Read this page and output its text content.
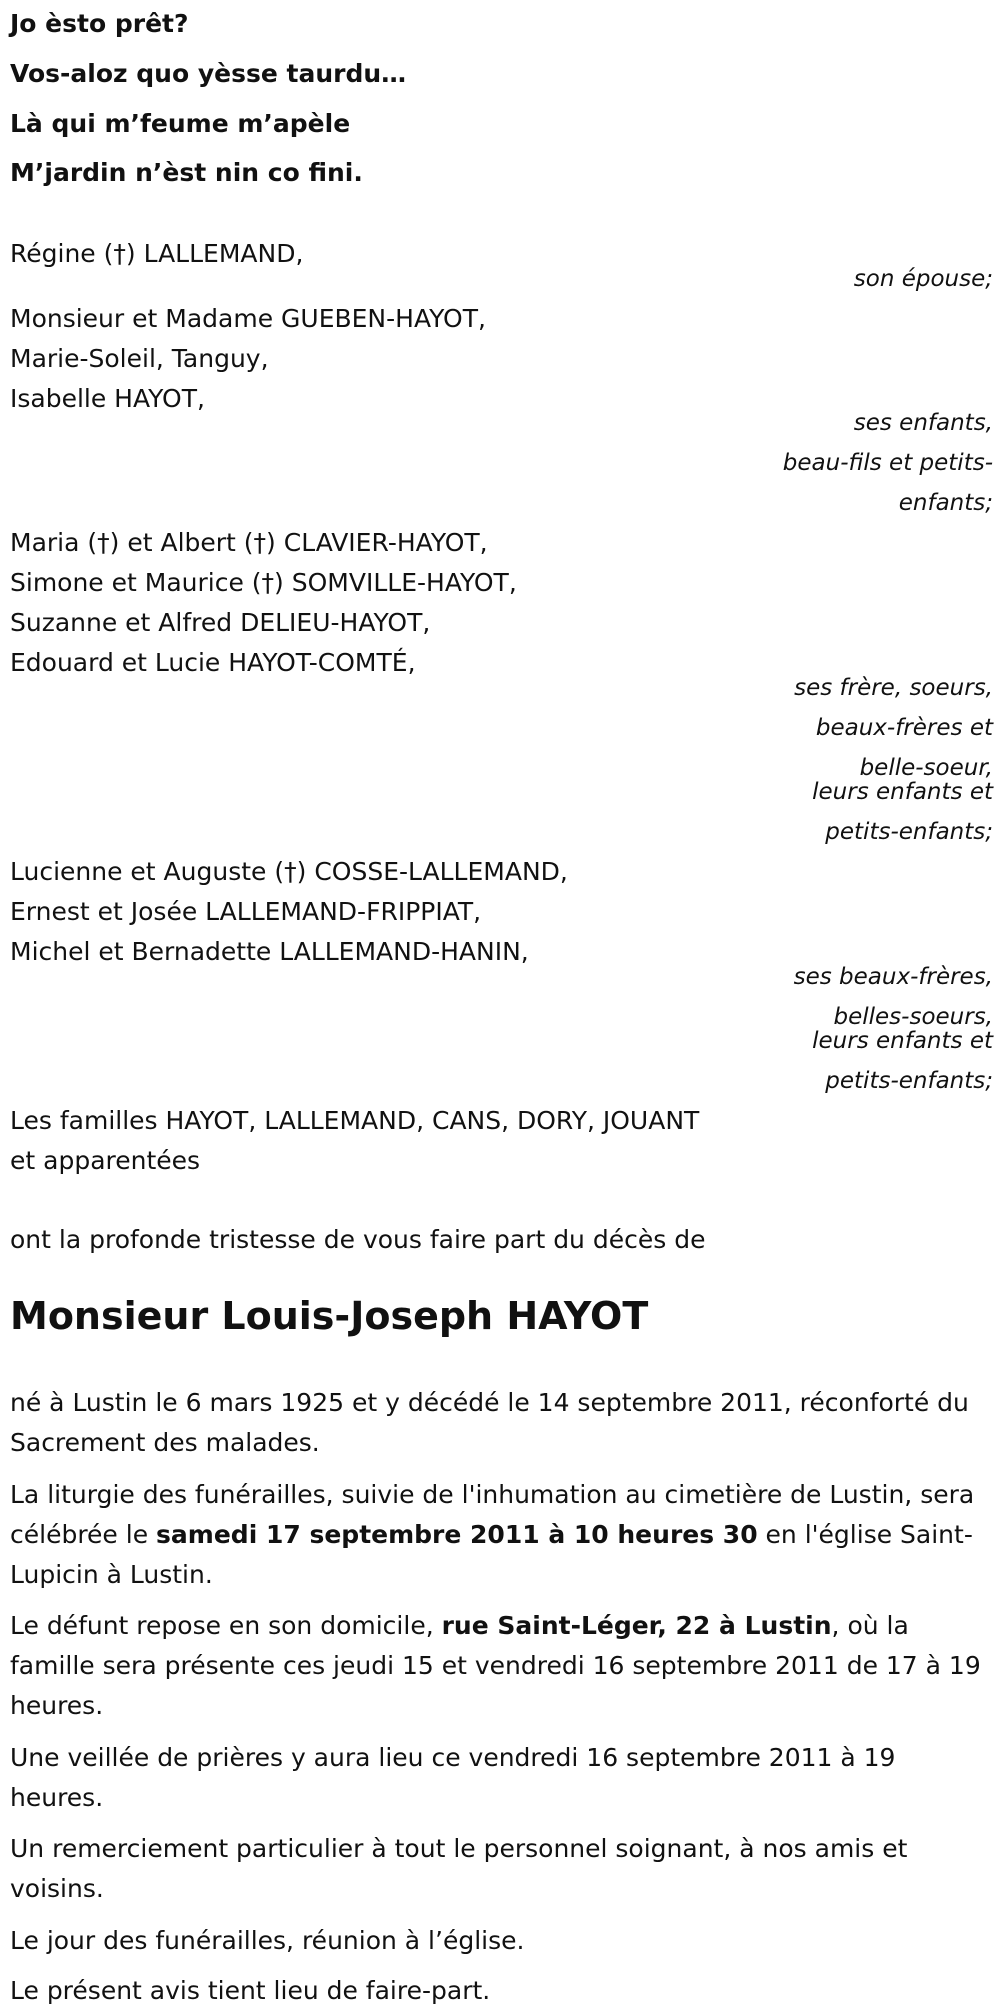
Jo èsto prêt?

Vos-aloz quo yèsse taurdu…

Là qui m’feume m’apèle

M’jardin n’èst nin co fini.

Régine (†) LALLEMAND,

son épouse;

Monsieur et Madame GUEBEN-HAYOT,

Marie-Soleil, Tanguy,

Isabelle HAYOT,

ses enfants,

beau-fils et petits-

enfants;

Maria (†) et Albert (†) CLAVIER-HAYOT,

Simone et Maurice (†) SOMVILLE-HAYOT,

Suzanne et Alfred DELIEU-HAYOT,

Edouard et Lucie HAYOT-COMTÉ,

ses frère, soeurs,

beaux-frères et

belle-soeur,

leurs enfants et

petits-enfants;

Lucienne et Auguste (†) COSSE-LALLEMAND,

Ernest et Josée LALLEMAND-FRIPPIAT,

Michel et Bernadette LALLEMAND-HANIN,

ses beaux-frères,

belles-soeurs,

leurs enfants et

petits-enfants;

Les familles HAYOT, LALLEMAND, CANS, DORY, JOUANT

et apparentées

ont la profonde tristesse de vous faire part du décès de

Monsieur Louis-Joseph HAYOT

né à Lustin le 6 mars 1925 et y décédé le 14 septembre 2011, réconforté du Sacrement des malades.

La liturgie des funérailles, suivie de l'inhumation au cimetière de Lustin, sera célébrée le samedi 17 septembre 2011 à 10 heures 30 en l'église Saint-Lupicin à Lustin.

Le défunt repose en son domicile, rue Saint-Léger, 22 à Lustin, où la famille sera présente ces jeudi 15 et vendredi 16 septembre 2011 de 17 à 19 heures.

Une veillée de prières y aura lieu ce vendredi 16 septembre 2011 à 19 heures.

Un remerciement particulier à tout le personnel soignant, à nos amis et voisins.

Le jour des funérailles, réunion à l’église.

Le présent avis tient lieu de faire-part.
